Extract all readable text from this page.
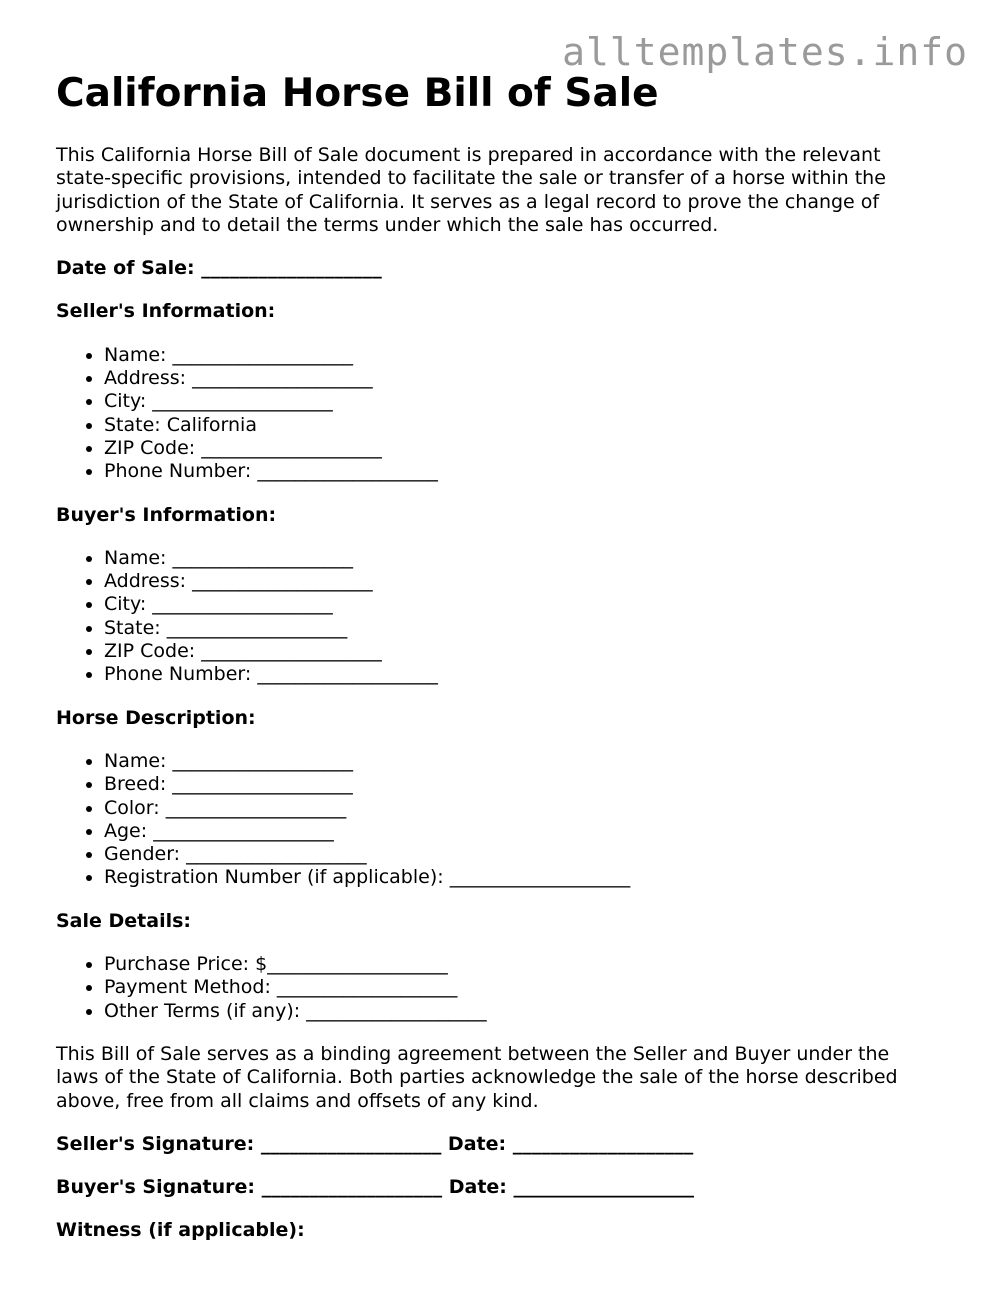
alltemplates.info
California Horse Bill of Sale

This California Horse Bill of Sale document is prepared in accordance with the relevant state-specific provisions, intended to facilitate the sale or transfer of a horse within the jurisdiction of the State of California. It serves as a legal record to prove the change of ownership and to detail the terms under which the sale has occurred.

Date of Sale: ___________________

Seller's Information:

• Name: ___________________
• Address: ___________________
• City: ___________________
• State: California
• ZIP Code: ___________________
• Phone Number: ___________________

Buyer's Information:

• Name: ___________________
• Address: ___________________
• City: ___________________
• State: ___________________
• ZIP Code: ___________________
• Phone Number: ___________________

Horse Description:

• Name: ___________________
• Breed: ___________________
• Color: ___________________
• Age: ___________________
• Gender: ___________________
• Registration Number (if applicable): ___________________

Sale Details:

• Purchase Price: $___________________
• Payment Method: ___________________
• Other Terms (if any): ___________________

This Bill of Sale serves as a binding agreement between the Seller and Buyer under the laws of the State of California. Both parties acknowledge the sale of the horse described above, free from all claims and offsets of any kind.

Seller's Signature: ___________________ Date: ___________________

Buyer's Signature: ___________________ Date: ___________________

Witness (if applicable):
